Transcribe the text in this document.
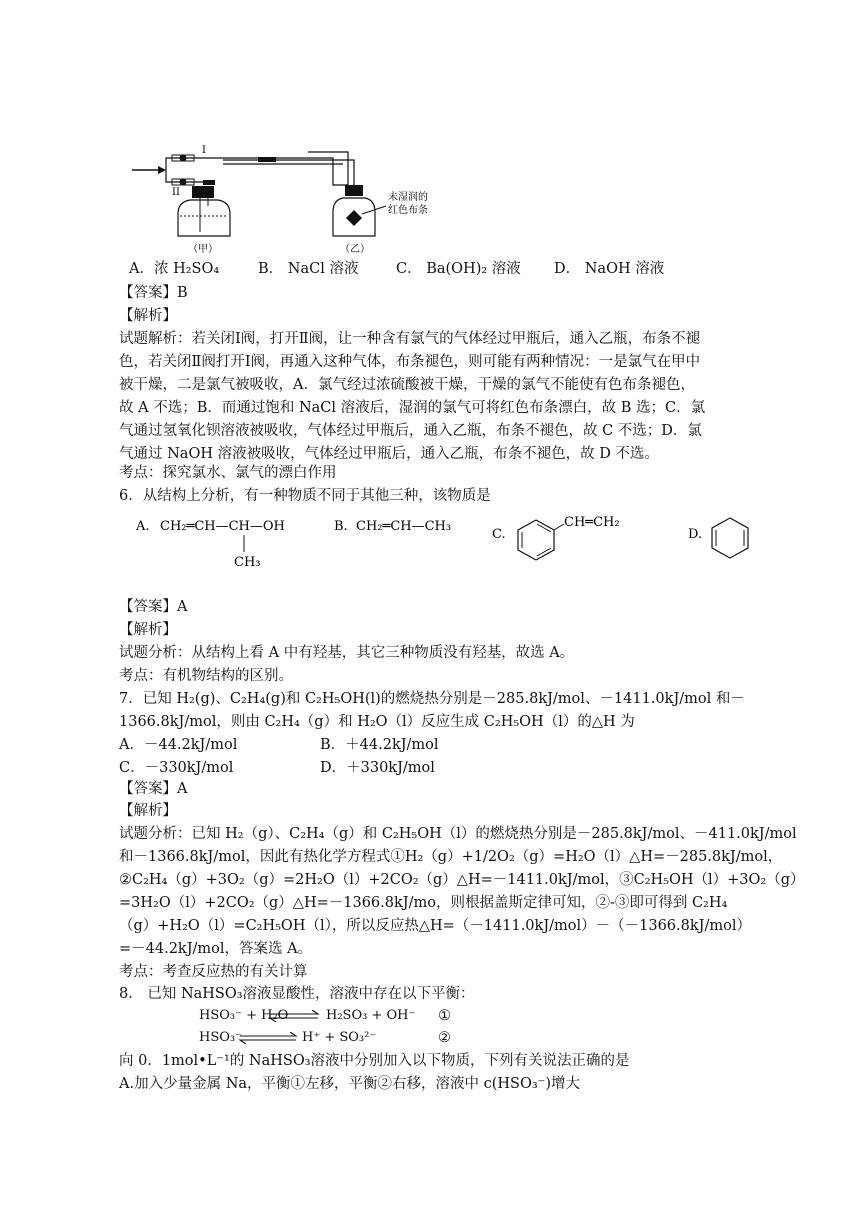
I
II
（甲）	（乙）
未湿润的
红色布条
A．浓 H₂SO₄	B． NaCl 溶液	C． Ba(OH)₂ 溶液 D． NaOH 溶液
【答案】B
【解析】
试题解析：若关闭Ⅰ阀，打开Ⅱ阀，让一种含有氯气的气体经过甲瓶后，通入乙瓶，布条不褪
色，若关闭Ⅱ阀打开Ⅰ阀，再通入这种气体，布条褪色，则可能有两种情况：一是氯气在甲中
被干燥，二是氯气被吸收，A．氯气经过浓硫酸被干燥，干燥的氯气不能使有色布条褪色，
故 A 不选；B．而通过饱和 NaCl 溶液后，湿润的氯气可将红色布条漂白，故 B 选；C．氯
气通过氢氧化钡溶液被吸收，气体经过甲瓶后，通入乙瓶，布条不褪色，故 C 不选；D．氯
气通过 NaOH 溶液被吸收，气体经过甲瓶后，通入乙瓶，布条不褪色，故 D 不选。
考点：探究氯水、氯气的漂白作用
6．从结构上分析，有一种物质不同于其他三种，该物质是
A. CH₂═CH—CH—OH
CH₃
B. CH₂═CH—CH₃
C.
CH═CH₂
D.
【答案】A
【解析】
试题分析：从结构上看 A 中有羟基，其它三种物质没有羟基，故选 A。
考点：有机物结构的区别。
7．已知 H₂(g)、C₂H₄(g)和 C₂H₅OH(l)的燃烧热分别是－285.8kJ/mol、－1411.0kJ/mol 和－
1366.8kJ/mol，则由 C₂H₄（g）和 H₂O（l）反应生成 C₂H₅OH（l）的△H 为
A．－44.2kJ/mol	B．＋44.2kJ/mol
C．－330kJ/mol	D．＋330kJ/mol
【答案】A
【解析】
试题分析：已知 H₂（g）、C₂H₄（g）和 C₂H₅OH（l）的燃烧热分别是－285.8kJ/mol、－411.0kJ/mol
和－1366.8kJ/mol，因此有热化学方程式①H₂（g）+1/2O₂（g）=H₂O（l）△H=－285.8kJ/mol，
②C₂H₄（g）+3O₂（g）=2H₂O（l）+2CO₂（g）△H=－1411.0kJ/mol，③C₂H₅OH（l）+3O₂（g）
=3H₂O（l）+2CO₂（g）△H=－1366.8kJ/mo，则根据盖斯定律可知，②-③即可得到 C₂H₄
（g）+H₂O（l）=C₂H₅OH（l），所以反应热△H=（－1411.0kJ/mol）－（－1366.8kJ/mol）
=－44.2kJ/mol，答案选 A。
考点：考查反应热的有关计算
8． 已知 NaHSO₃溶液显酸性，溶液中存在以下平衡：
HSO₃⁻ + H₂O ⇌ H₂SO₃ + OH⁻ ①
HSO₃⁻	H⁺ + SO₃²⁻	②
向 0．1mol•L⁻¹的 NaHSO₃溶液中分别加入以下物质，下列有关说法正确的是
A.加入少量金属 Na，平衡①左移，平衡②右移，溶液中 c(HSO₃⁻)增大
